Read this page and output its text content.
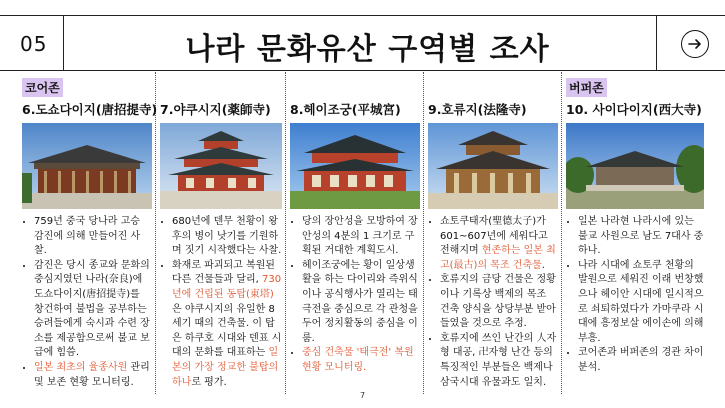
05	나라 문화유산 구역별 조사
코어존
6.도쇼다이지(唐招提寺)
• 759년 중국 당나라 고승 감진에 의해 만들어진 사찰.
• 감진은 당시 종교와 문화의 중심지였던 나라(奈良)에 도쇼다이지(唐招提寺)를 창건하여 불법을 공부하는 승려들에게 숙시과 수련 장소를 제공함으로써 불교 보급에 힘씀.
• 일본 최초의 율종사원 관리 및 보존 현황 모니터링.
7.야쿠시지(薬師寺)
• 680년에 덴무 천황이 왕후의 병이 낫기를 기원하며 짓기 시작했다는 사찰.
• 화재로 파괴되고 복원된 다른 건물들과 달리, 730년에 건립된 동탑(東塔)은 야쿠시지의 유일한 8세기 때의 건축물. 이 탑은 하쿠호 시대와 덴표 시대의 문화를 대표하는 일본의 가장 정교한 불탑의 하나로 평가.
8.헤이조궁(平城宮)
• 당의 장안성을 모방하여 장안성의 4분의 1 크기로 구획된 거대한 계획도시.
• 헤이조궁에는 황이 일상생활을 하는 다이리와 즉위식이나 공식행사가 열리는 태극전을 중심으로 각 관청을 두어 정치활동의 중심을 이룸.
• 중심 건축물 '태극전' 복원 현황 모니터링.
9.호류지(法隆寺)
• 쇼토쿠태자(聖德太子)가 601~607년에 세워다고 전해지며 현존하는 일본 최고(最古)의 목조 건축물.
• 호류지의 금당 건물은 정황이나 기록상 백제의 목조 건축 양식을 상당부분 받아들였을 것으로 추정.
• 호류지에 쓰인 난간의 人자형 대공, 卍자형 난간 등의 특징적인 부분들은 백제나 삼국시대 유물과도 일치.
버퍼존
10. 사이다이지(西大寺)
• 일본 나라현 나라시에 있는 불교 사원으로 남도 7대사 중 하나.
• 나라 시대에 쇼토쿠 천황의 발원으로 세워진 이래 번창했으나 헤이안 시대에 일시적으로 쇠퇴하였다가 가마쿠라 시대에 흥정보살 에이손에 의해 부흥.
• 코어존과 버퍼존의 경관 차이 분석.
7
